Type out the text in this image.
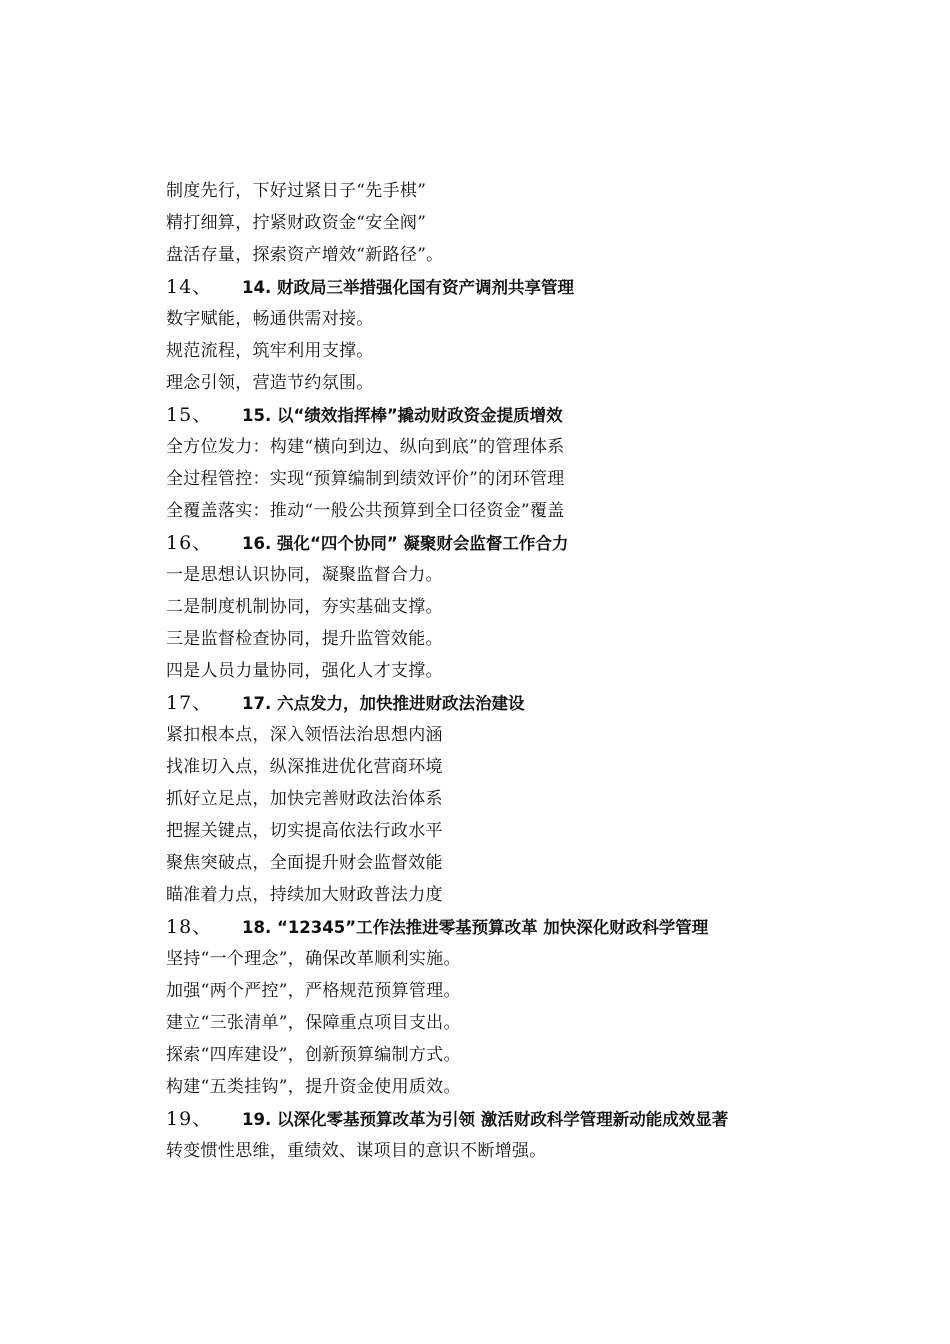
制度先行，下好过紧日子“先手棋”
精打细算，拧紧财政资金“安全阀”
盘活存量，探索资产增效“新路径”。
14、	14. 财政局三举措强化国有资产调剂共享管理
数字赋能，畅通供需对接。
规范流程，筑牢利用支撑。
理念引领，营造节约氛围。
15、	15. 以“绩效指挥棒”撬动财政资金提质增效
全方位发力：构建“横向到边、纵向到底”的管理体系
全过程管控：实现“预算编制到绩效评价”的闭环管理
全覆盖落实：推动“一般公共预算到全口径资金”覆盖
16、	16. 强化“四个协同” 凝聚财会监督工作合力
一是思想认识协同，凝聚监督合力。
二是制度机制协同，夯实基础支撑。
三是监督检查协同，提升监管效能。
四是人员力量协同，强化人才支撑。
17、	17. 六点发力，加快推进财政法治建设
紧扣根本点，深入领悟法治思想内涵
找准切入点，纵深推进优化营商环境
抓好立足点，加快完善财政法治体系
把握关键点，切实提高依法行政水平
聚焦突破点，全面提升财会监督效能
瞄准着力点，持续加大财政普法力度
18、	18. “12345”工作法推进零基预算改革 加快深化财政科学管理
坚持“一个理念”，确保改革顺利实施。
加强“两个严控”，严格规范预算管理。
建立“三张清单”，保障重点项目支出。
探索“四库建设”，创新预算编制方式。
构建“五类挂钩”，提升资金使用质效。
19、	19. 以深化零基预算改革为引领 激活财政科学管理新动能成效显著
转变惯性思维，重绩效、谋项目的意识不断增强。
